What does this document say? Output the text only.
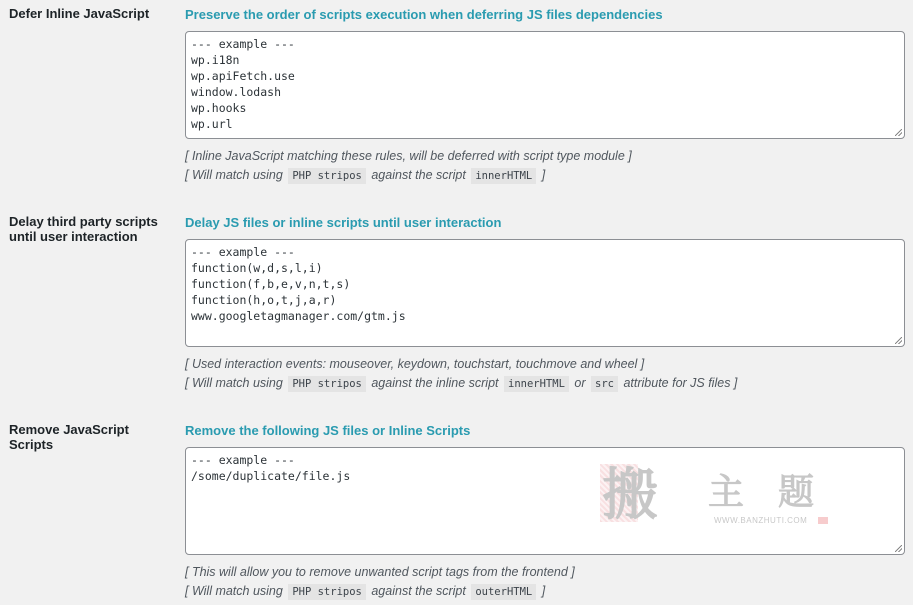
Defer Inline JavaScript	Preserve the order of scripts execution when deferring JS files dependencies
--- example --- wp.i18n wp.apiFetch.use window.lodash wp.hooks wp.url
[ Inline JavaScript matching these rules, will be deferred with script type module ]
[ Will match using PHP stripos against the script innerHTML ]
Delay third party scripts until user interaction
Delay JS files or inline scripts until user interaction
--- example --- function(w,d,s,l,i) function(f,b,e,v,n,t,s) function(h,o,t,j,a,r) www.googletagmanager.com/gtm.js
[ Used interaction events: mouseover, keydown, touchstart, touchmove and wheel ]
[ Will match using PHP stripos against the inline script innerHTML or src attribute for JS files ]
Remove JavaScript Scripts
Remove the following JS files or Inline Scripts
--- example --- /some/duplicate/file.js
[ This will allow you to remove unwanted script tags from the frontend ]
[ Will match using PHP stripos against the script outerHTML ]
搬 主 题
WWW.BANZHUTI.COM
